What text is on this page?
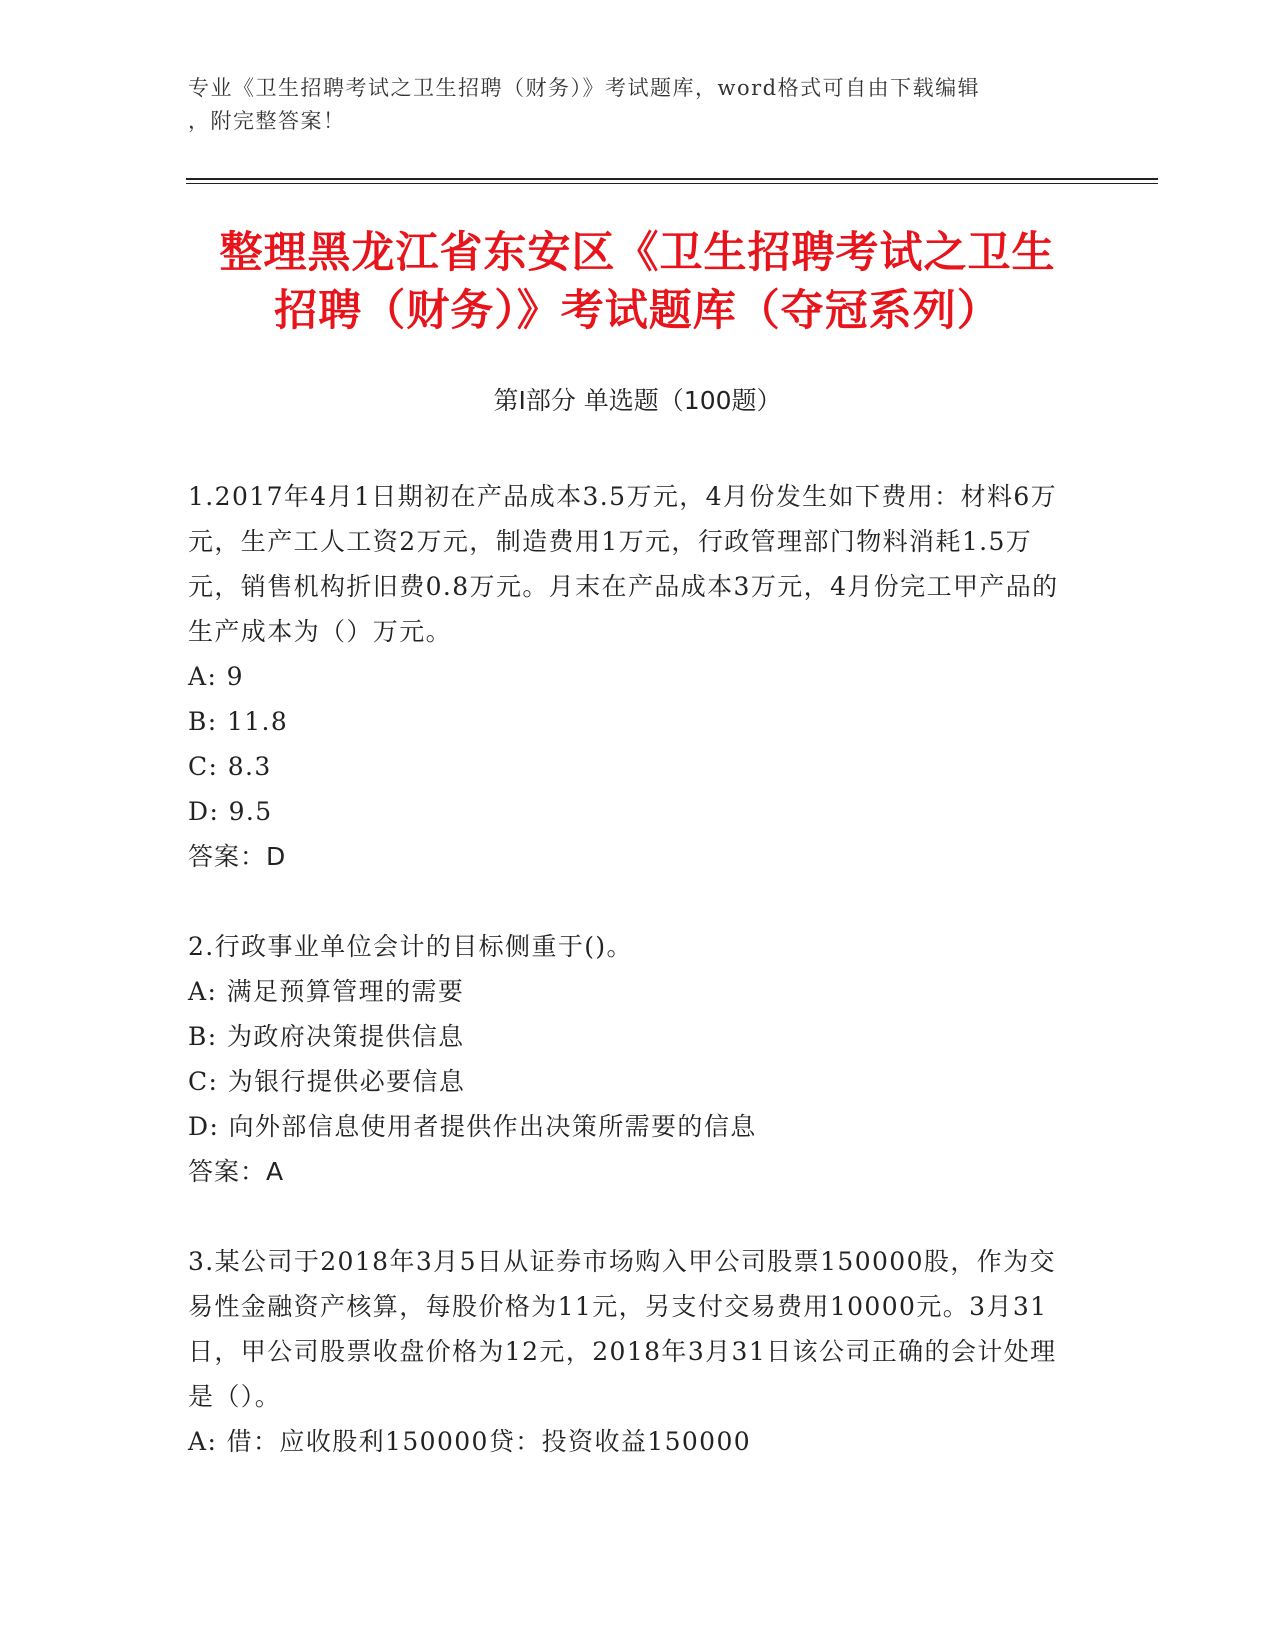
专业《卫生招聘考试之卫生招聘（财务）》考试题库，word格式可自由下载编辑
，附完整答案！
整理黑龙江省东安区《卫生招聘考试之卫生
招聘（财务）》考试题库（夺冠系列）
第Ⅰ部分 单选题（100题）
1.2017年4月1日期初在产品成本3.5万元，4月份发生如下费用：材料6万元，生产工人工资2万元，制造费用1万元，行政管理部门物料消耗1.5万元，销售机构折旧费0.8万元。月末在产品成本3万元，4月份完工甲产品的生产成本为（）万元。
A: 9
B: 11.8
C: 8.3
D: 9.5
答案：D
2.行政事业单位会计的目标侧重于()。
A: 满足预算管理的需要
B: 为政府决策提供信息
C: 为银行提供必要信息
D: 向外部信息使用者提供作出决策所需要的信息
答案：A
3.某公司于2018年3月5日从证券市场购入甲公司股票150000股，作为交易性金融资产核算，每股价格为11元，另支付交易费用10000元。3月31日，甲公司股票收盘价格为12元，2018年3月31日该公司正确的会计处理是（）。
A: 借：应收股利150000贷：投资收益150000
